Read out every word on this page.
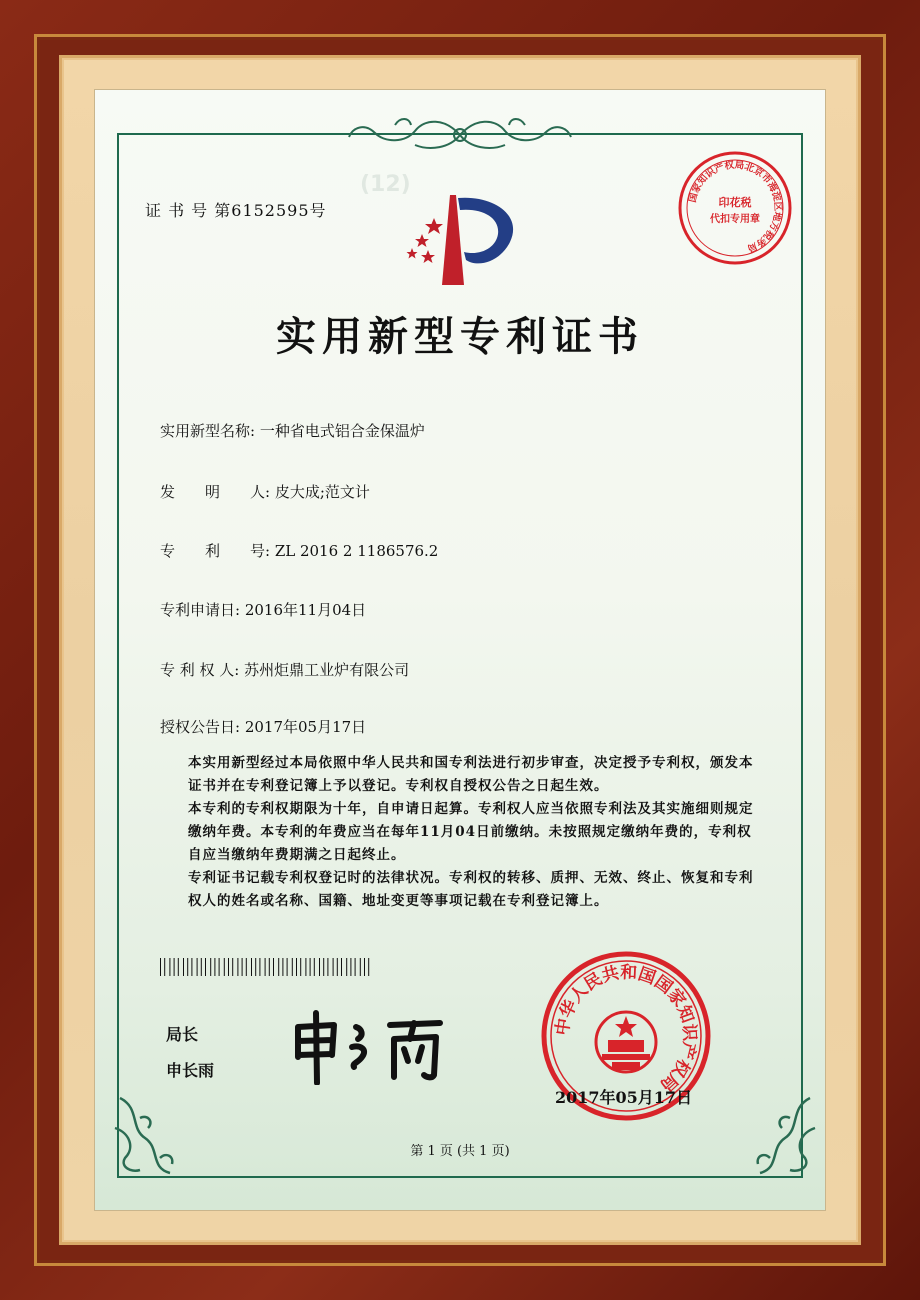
(12)
国家知识产权局北京市海淀区地方税务局
印花税
代扣专用章
证 书 号 第6152595号
实用新型专利证书
实用新型名称: 一种省电式铝合金保温炉
发　　明　　人: 皮大成;范文计
专　　利　　号: ZL 2016 2 1186576.2
专利申请日: 2016年11月04日
专 利 权 人: 苏州炬鼎工业炉有限公司
授权公告日: 2017年05月17日
本实用新型经过本局依照中华人民共和国专利法进行初步审查，决定授予专利权，颁发本证书并在专利登记簿上予以登记。专利权自授权公告之日起生效。
本专利的专利权期限为十年，自申请日起算。专利权人应当依照专利法及其实施细则规定缴纳年费。本专利的年费应当在每年11月04日前缴纳。未按照规定缴纳年费的，专利权自应当缴纳年费期满之日起终止。
专利证书记载专利权登记时的法律状况。专利权的转移、质押、无效、终止、恢复和专利权人的姓名或名称、国籍、地址变更等事项记载在专利登记簿上。
局长
申长雨
中华人民共和国国家知识产权局
2017年05月17日
第 1 页 (共 1 页)
